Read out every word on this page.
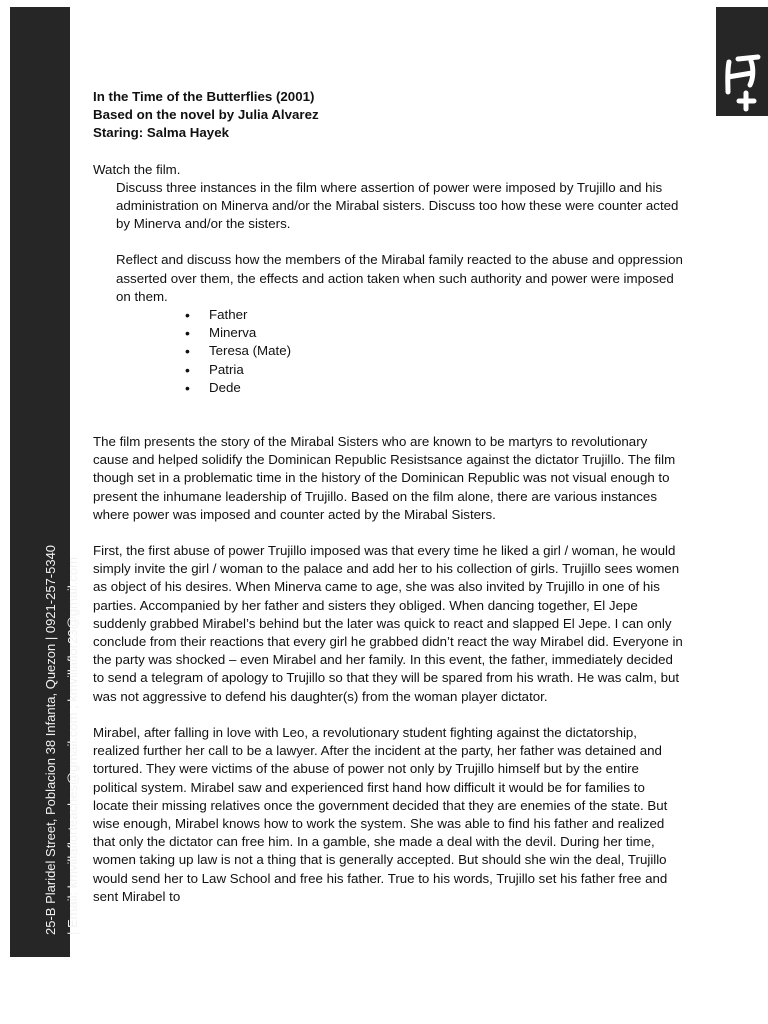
25-B Plaridel Street, Poblacion 38 Infanta, Quezon | 0921-257-5340 | Email: kmvillaflorteaches@gmail.com ; kmvillaflor23@gmail.com
In the Time of the Butterflies (2001)
Based on the novel by Julia Alvarez
Staring: Salma Hayek
Watch the film.
Discuss three instances in the film where assertion of power were imposed by Trujillo and his administration on Minerva and/or the Mirabal sisters. Discuss too how these were counter acted by Minerva and/or the sisters.
Reflect and discuss how the members of the Mirabal family reacted to the abuse and oppression asserted over them, the effects and action taken when such authority and power were imposed on them.
• Father
• Minerva
• Teresa (Mate)
• Patria
• Dede
The film presents the story of the Mirabal Sisters who are known to be martyrs to revolutionary cause and helped solidify the Dominican Republic Resistsance against the dictator Trujillo. The film though set in a problematic time in the history of the Dominican Republic was not visual enough to present the inhumane leadership of Trujillo. Based on the film alone, there are various instances where power was imposed and counter acted by the Mirabal Sisters.
First, the first abuse of power Trujillo imposed was that every time he liked a girl / woman, he would simply invite the girl / woman to the palace and add her to his collection of girls. Trujillo sees women as object of his desires. When Minerva came to age, she was also invited by Trujillo in one of his parties. Accompanied by her father and sisters they obliged. When dancing together, El Jepe suddenly grabbed Mirabel’s behind but the later was quick to react and slapped El Jepe. I can only conclude from their reactions that every girl he grabbed didn’t react the way Mirabel did. Everyone in the party was shocked – even Mirabel and her family. In this event, the father, immediately decided to send a telegram of apology to Trujillo so that they will be spared from his wrath. He was calm, but was not aggressive to defend his daughter(s) from the woman player dictator.
Mirabel, after falling in love with Leo, a revolutionary student fighting against the dictatorship, realized further her call to be a lawyer. After the incident at the party, her father was detained and tortured. They were victims of the abuse of power not only by Trujillo himself but by the entire political system. Mirabel saw and experienced first hand how difficult it would be for families to locate their missing relatives once the government decided that they are enemies of the state. But wise enough, Mirabel knows how to work the system. She was able to find his father and realized that only the dictator can free him. In a gamble, she made a deal with the devil. During her time, women taking up law is not a thing that is generally accepted. But should she win the deal, Trujillo would send her to Law School and free his father. True to his words, Trujillo set his father free and sent Mirabel to
